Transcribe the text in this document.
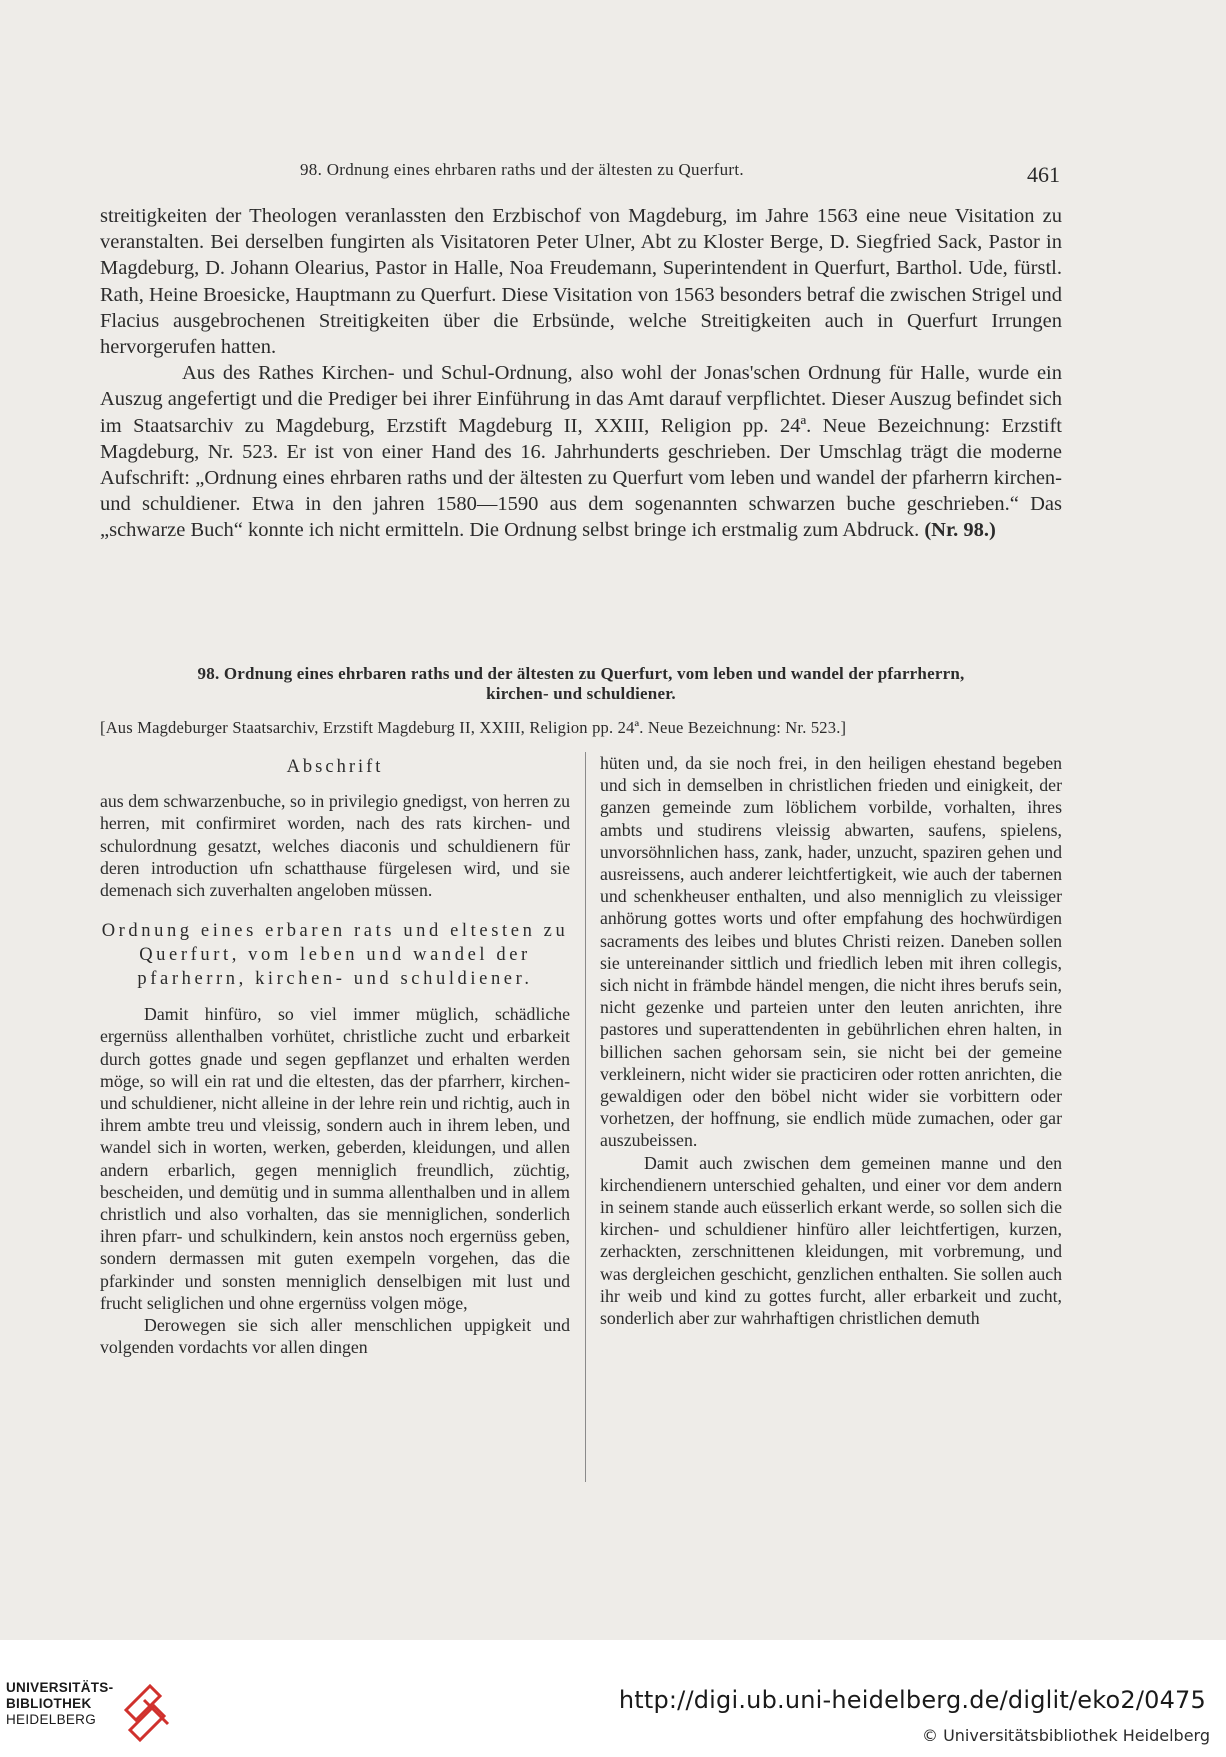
98. Ordnung eines ehrbaren raths und der ältesten zu Querfurt.	461

streitigkeiten der Theologen veranlassten den Erzbischof von Magdeburg, im Jahre 1563 eine neue Visitation zu veranstalten. Bei derselben fungirten als Visitatoren Peter Ulner, Abt zu Kloster Berge, D. Siegfried Sack, Pastor in Magdeburg, D. Johann Olearius, Pastor in Halle, Noa Freudemann, Superintendent in Querfurt, Barthol. Ude, fürstl. Rath, Heine Broesicke, Hauptmann zu Querfurt. Diese Visitation von 1563 besonders betraf die zwischen Strigel und Flacius ausgebrochenen Streitigkeiten über die Erbsünde, welche Streitigkeiten auch in Querfurt Irrungen hervorgerufen hatten.

Aus des Rathes Kirchen- und Schul-Ordnung, also wohl der Jonas'schen Ordnung für Halle, wurde ein Auszug angefertigt und die Prediger bei ihrer Einführung in das Amt darauf verpflichtet. Dieser Auszug befindet sich im Staatsarchiv zu Magdeburg, Erzstift Magdeburg II, XXIII, Religion pp. 24ª. Neue Bezeichnung: Erzstift Magdeburg, Nr. 523. Er ist von einer Hand des 16. Jahrhunderts geschrieben. Der Umschlag trägt die moderne Aufschrift: „Ordnung eines ehrbaren raths und der ältesten zu Querfurt vom leben und wandel der pfarherrn kirchen- und schuldiener. Etwa in den jahren 1580—1590 aus dem sogenannten schwarzen buche geschrieben.“ Das „schwarze Buch“ konnte ich nicht ermitteln. Die Ordnung selbst bringe ich erstmalig zum Abdruck. (Nr. 98.)

98. Ordnung eines ehrbaren raths und der ältesten zu Querfurt, vom leben und wandel der pfarrherrn,
kirchen- und schuldiener.
[Aus Magdeburger Staatsarchiv, Erzstift Magdeburg II, XXIII, Religion pp. 24ª. Neue Bezeichnung: Nr. 523.]

Abschrift

aus dem schwarzenbuche, so in privilegio gnedigst, von herren zu herren, mit confirmiret worden, nach des rats kirchen- und schulordnung gesatzt, welches diaconis und schuldienern für deren introduction ufn schatthause fürgelesen wird, und sie demenach sich zuverhalten angeloben müssen.

Ordnung eines erbaren rats und eltesten zu Querfurt, vom leben und wandel der pfarherrn, kirchen- und schuldiener.

Damit hinfüro, so viel immer müglich, schädliche ergernüss allenthalben vorhütet, christliche zucht und erbarkeit durch gottes gnade und segen gepflanzet und erhalten werden möge, so will ein rat und die eltesten, das der pfarrherr, kirchen- und schuldiener, nicht alleine in der lehre rein und richtig, auch in ihrem ambte treu und vleissig, sondern auch in ihrem leben, und wandel sich in worten, werken, geberden, kleidungen, und allen andern erbarlich, gegen menniglich freundlich, züchtig, bescheiden, und demütig und in summa allenthalben und in allem christlich und also vorhalten, das sie menniglichen, sonderlich ihren pfarr- und schulkindern, kein anstos noch ergernüss geben, sondern dermassen mit guten exempeln vorgehen, das die pfarkinder und sonsten menniglich denselbigen mit lust und frucht seliglichen und ohne ergernüss volgen möge,

Derowegen sie sich aller menschlichen uppigkeit und volgenden vordachts vor allen dingen

hüten und, da sie noch frei, in den heiligen ehestand begeben und sich in demselben in christlichen frieden und einigkeit, der ganzen gemeinde zum löblichem vorbilde, vorhalten, ihres ambts und studirens vleissig abwarten, saufens, spielens, unvorsöhnlichen hass, zank, hader, unzucht, spaziren gehen und ausreissens, auch anderer leichtfertigkeit, wie auch der tabernen und schenkheuser enthalten, und also menniglich zu vleissiger anhörung gottes worts und ofter empfahung des hochwürdigen sacraments des leibes und blutes Christi reizen. Daneben sollen sie untereinander sittlich und friedlich leben mit ihren collegis, sich nicht in främbde händel mengen, die nicht ihres berufs sein, nicht gezenke und parteien unter den leuten anrichten, ihre pastores und superattendenten in gebührlichen ehren halten, in billichen sachen gehorsam sein, sie nicht bei der gemeine verkleinern, nicht wider sie practiciren oder rotten anrichten, die gewaldigen oder den böbel nicht wider sie vorbittern oder vorhetzen, der hoffnung, sie endlich müde zumachen, oder gar auszubeissen.

Damit auch zwischen dem gemeinen manne und den kirchendienern unterschied gehalten, und einer vor dem andern in seinem stande auch eüsserlich erkant werde, so sollen sich die kirchen- und schuldiener hinfüro aller leichtfertigen, kurzen, zerhackten, zerschnittenen kleidungen, mit vorbremung, und was dergleichen geschicht, genzlichen enthalten. Sie sollen auch ihr weib und kind zu gottes furcht, aller erbarkeit und zucht, sonderlich aber zur wahrhaftigen christlichen demuth

UNIVERSITÄTS-
BIBLIOTHEK
HEIDELBERG
http://digi.ub.uni-heidelberg.de/diglit/eko2/0475
© Universitätsbibliothek Heidelberg
